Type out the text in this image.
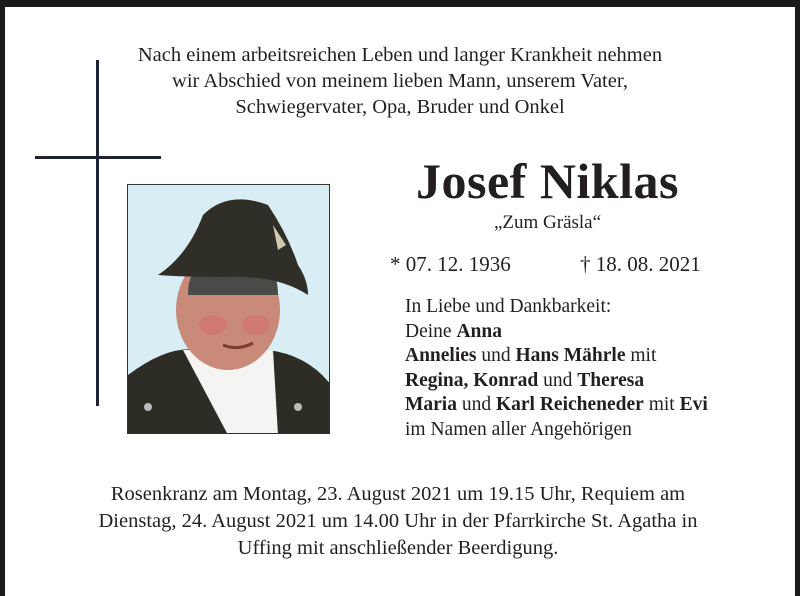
Nach einem arbeitsreichen Leben und langer Krankheit nehmen
wir Abschied von meinem lieben Mann, unserem Vater,
Schwiegervater, Opa, Bruder und Onkel
Josef Niklas
„Zum Gräsla“
* 07. 12. 1936	† 18. 08. 2021
In Liebe und Dankbarkeit:
Deine Anna
Annelies und Hans Mährle mit
Regina, Konrad und Theresa
Maria und Karl Reicheneder mit Evi
im Namen aller Angehörigen
Rosenkranz am Montag, 23. August 2021 um 19.15 Uhr, Requiem am
Dienstag, 24. August 2021 um 14.00 Uhr in der Pfarrkirche St. Agatha in
Uffing mit anschließender Beerdigung.
